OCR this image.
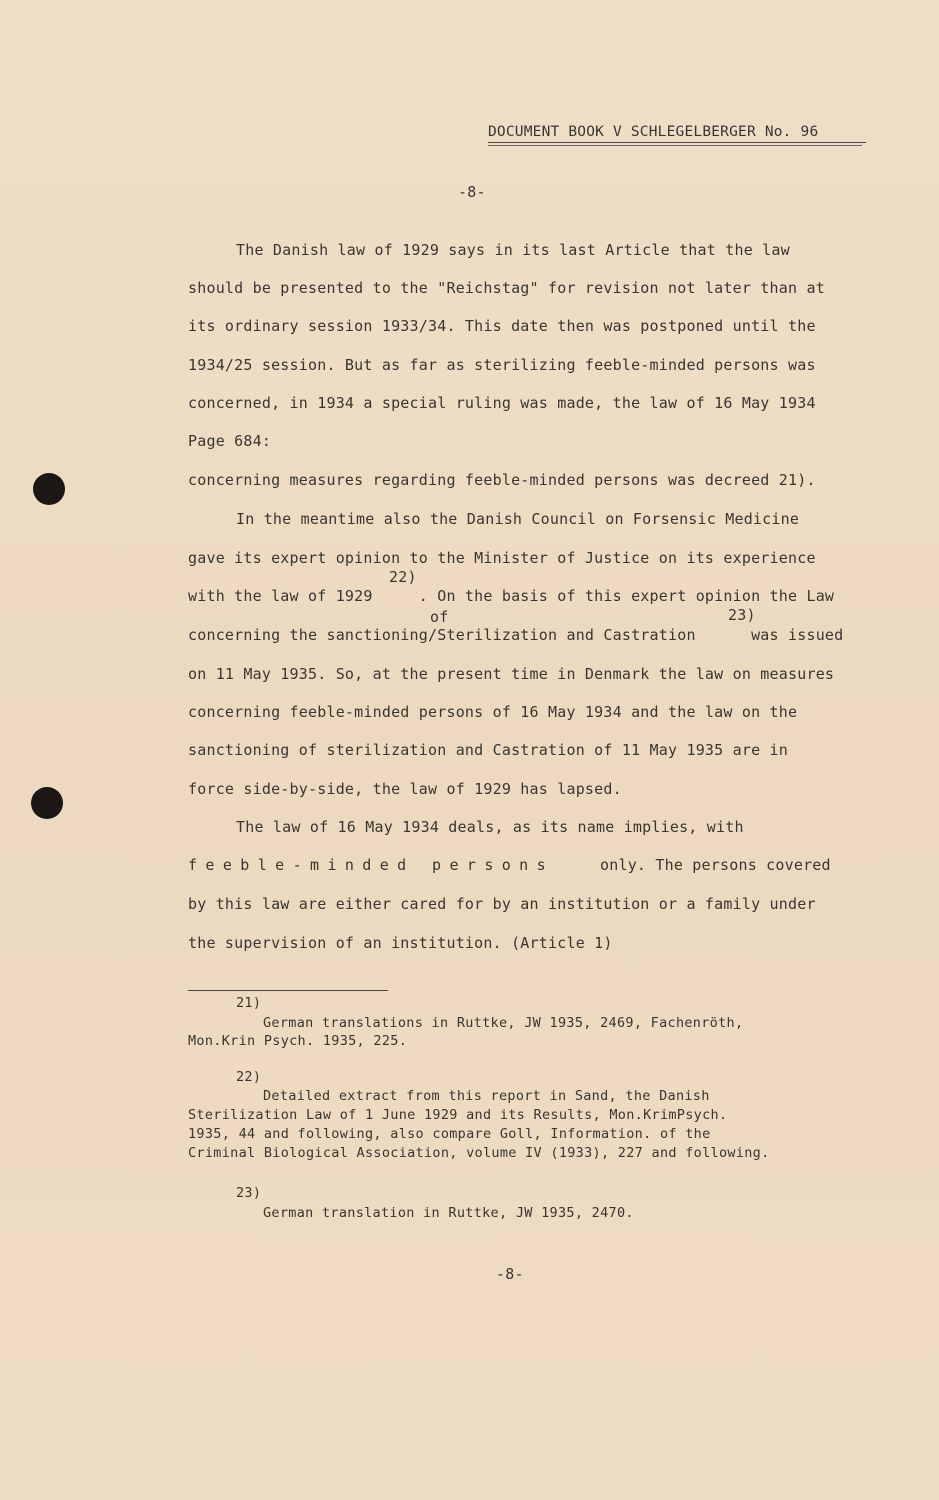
DOCUMENT BOOK V SCHLEGELBERGER No. 96
-8-
The Danish law of 1929 says in its last Article that the law
should be presented to the "Reichstag" for revision not later than at
its ordinary session 1933/34. This date then was postponed until the
1934/25 session. But as far as sterilizing feeble-minded persons was
concerned, in 1934 a special ruling was made, the law of 16 May 1934
Page 684:
concerning measures regarding feeble-minded persons was decreed 21).
In the meantime also the Danish Council on Forsensic Medicine
gave its expert opinion to the Minister of Justice on its experience
22)
with the law of 1929     . On the basis of this expert opinion the Law
of	23)
concerning the sanctioning/Sterilization and Castration      was issued
on 11 May 1935. So, at the present time in Denmark the law on measures
concerning feeble-minded persons of 16 May 1934 and the law on the
sanctioning of sterilization and Castration of 11 May 1935 are in
force side-by-side, the law of 1929 has lapsed.
The law of 16 May 1934 deals, as its name implies, with
feeble-minded persons	only. The persons covered
by this law are either cared for by an institution or a family under
the supervision of an institution. (Article 1)
21)
German translations in Ruttke, JW 1935, 2469, Fachenröth,
Mon.Krin Psych. 1935, 225.
22)
Detailed extract from this report in Sand, the Danish
Sterilization Law of 1 June 1929 and its Results, Mon.KrimPsych.
1935, 44 and following, also compare Goll, Information. of the
Criminal Biological Association, volume IV (1933), 227 and following.
23)
German translation in Ruttke, JW 1935, 2470.
-8-
